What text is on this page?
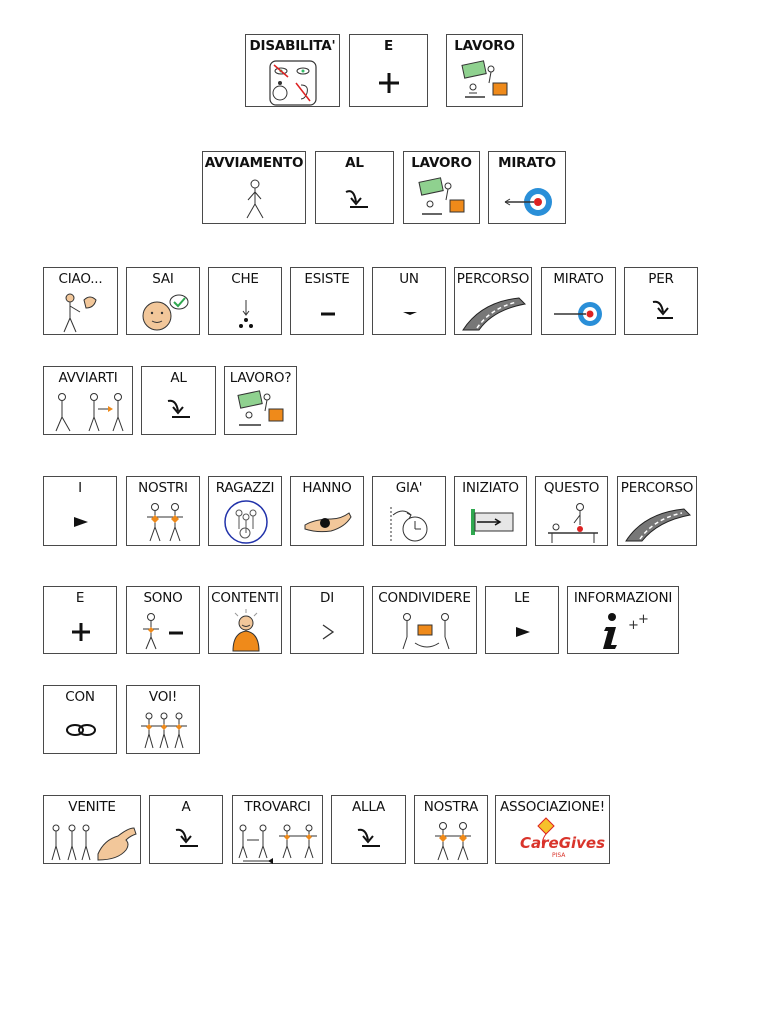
DISABILITA'	E	LAVORO
AVVIAMENTO	AL	LAVORO	MIRATO
CIAO...	SAI	CHE	ESISTE	UN	PERCORSO	MIRATO	PER
AVVIARTI	AL	LAVORO?
I	NOSTRI	RAGAZZI	HANNO	GIA'	INIZIATO	QUESTO	PERCORSO
E	SONO	CONTENTI	DI	CONDIVIDERE	LE	INFORMAZIONI
+ +
CON	VOI!
VENITE	A	TROVARCI	ALLA	NOSTRA	ASSOCIAZIONE!
CareGives
PISA
